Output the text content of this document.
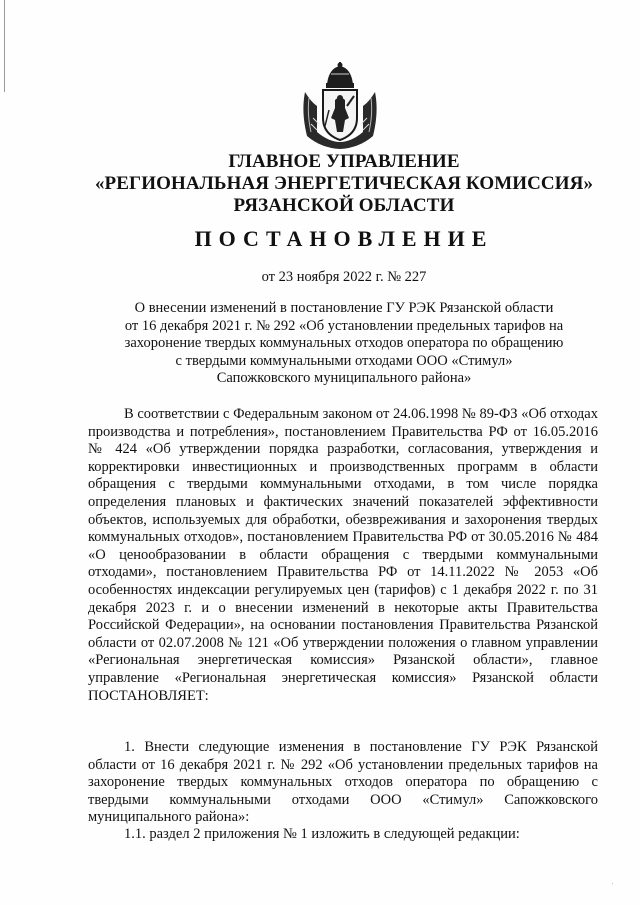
ГЛАВНОЕ УПРАВЛЕНИЕ
«РЕГИОНАЛЬНАЯ ЭНЕРГЕТИЧЕСКАЯ КОМИССИЯ»
РЯЗАНСКОЙ ОБЛАСТИ
ПОСТАНОВЛЕНИЕ
от 23 ноября 2022 г. № 227
О внесении изменений в постановление ГУ РЭК Рязанской области
от 16 декабря 2021 г. № 292 «Об установлении предельных тарифов на
захоронение твердых коммунальных отходов оператора по обращению
с твердыми коммунальными отходами ООО «Стимул»
Сапожковского муниципального района»
В соответствии с Федеральным законом от 24.06.1998 № 89-ФЗ «Об отходах производства и потребления», постановлением Правительства РФ от 16.05.2016 № 424 «Об утверждении порядка разработки, согласования, утверждения и корректировки инвестиционных и производственных программ в области обращения с твердыми коммунальными отходами, в том числе порядка определения плановых и фактических значений показателей эффективности объектов, используемых для обработки, обезвреживания и захоронения твердых коммунальных отходов», постановлением Правительства РФ от 30.05.2016 № 484 «О ценообразовании в области обращения с твердыми коммунальными отходами», постановлением Правительства РФ от 14.11.2022 № 2053 «Об особенностях индексации регулируемых цен (тарифов) с 1 декабря 2022 г. по 31 декабря 2023 г. и о внесении изменений в некоторые акты Правительства Российской Федерации», на основании постановления Правительства Рязанской области от 02.07.2008 № 121 «Об утверждении положения о главном управлении «Региональная энергетическая комиссия» Рязанской области», главное управление «Региональная энергетическая комиссия» Рязанской области ПОСТАНОВЛЯЕТ:
1. Внести следующие изменения в постановление ГУ РЭК Рязанской области от 16 декабря 2021 г. № 292 «Об установлении предельных тарифов на захоронение твердых коммунальных отходов оператора по обращению с твердыми коммунальными отходами ООО «Стимул» Сапожковского муниципального района»:
1.1. раздел 2 приложения № 1 изложить в следующей редакции:
